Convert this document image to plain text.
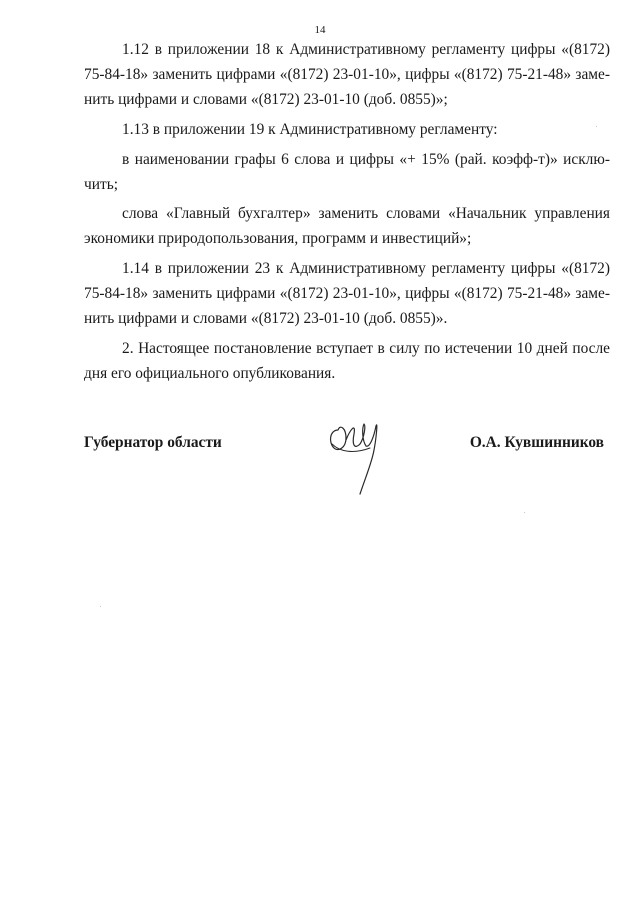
14
1.12 в приложении 18 к Административному регламенту цифры «(8172)
75-84-18» заменить цифрами «(8172) 23-01-10», цифры «(8172) 75-21-48» заме-
нить цифрами и словами «(8172) 23-01-10 (доб. 0855)»;
1.13 в приложении 19 к Административному регламенту:
в наименовании графы 6 слова и цифры «+ 15% (рай. коэфф-т)» исклю-
чить;
слова «Главный бухгалтер» заменить словами «Начальник управления
экономики природопользования, программ и инвестиций»;
1.14 в приложении 23 к Административному регламенту цифры «(8172)
75-84-18» заменить цифрами «(8172) 23-01-10», цифры «(8172) 75-21-48» замe-
нить цифрами и словами «(8172) 23-01-10 (доб. 0855)».
2. Настоящее постановление вступает в силу по истечении 10 дней после
дня его официального опубликования.
Губернатор области	О.А. Кувшинников
